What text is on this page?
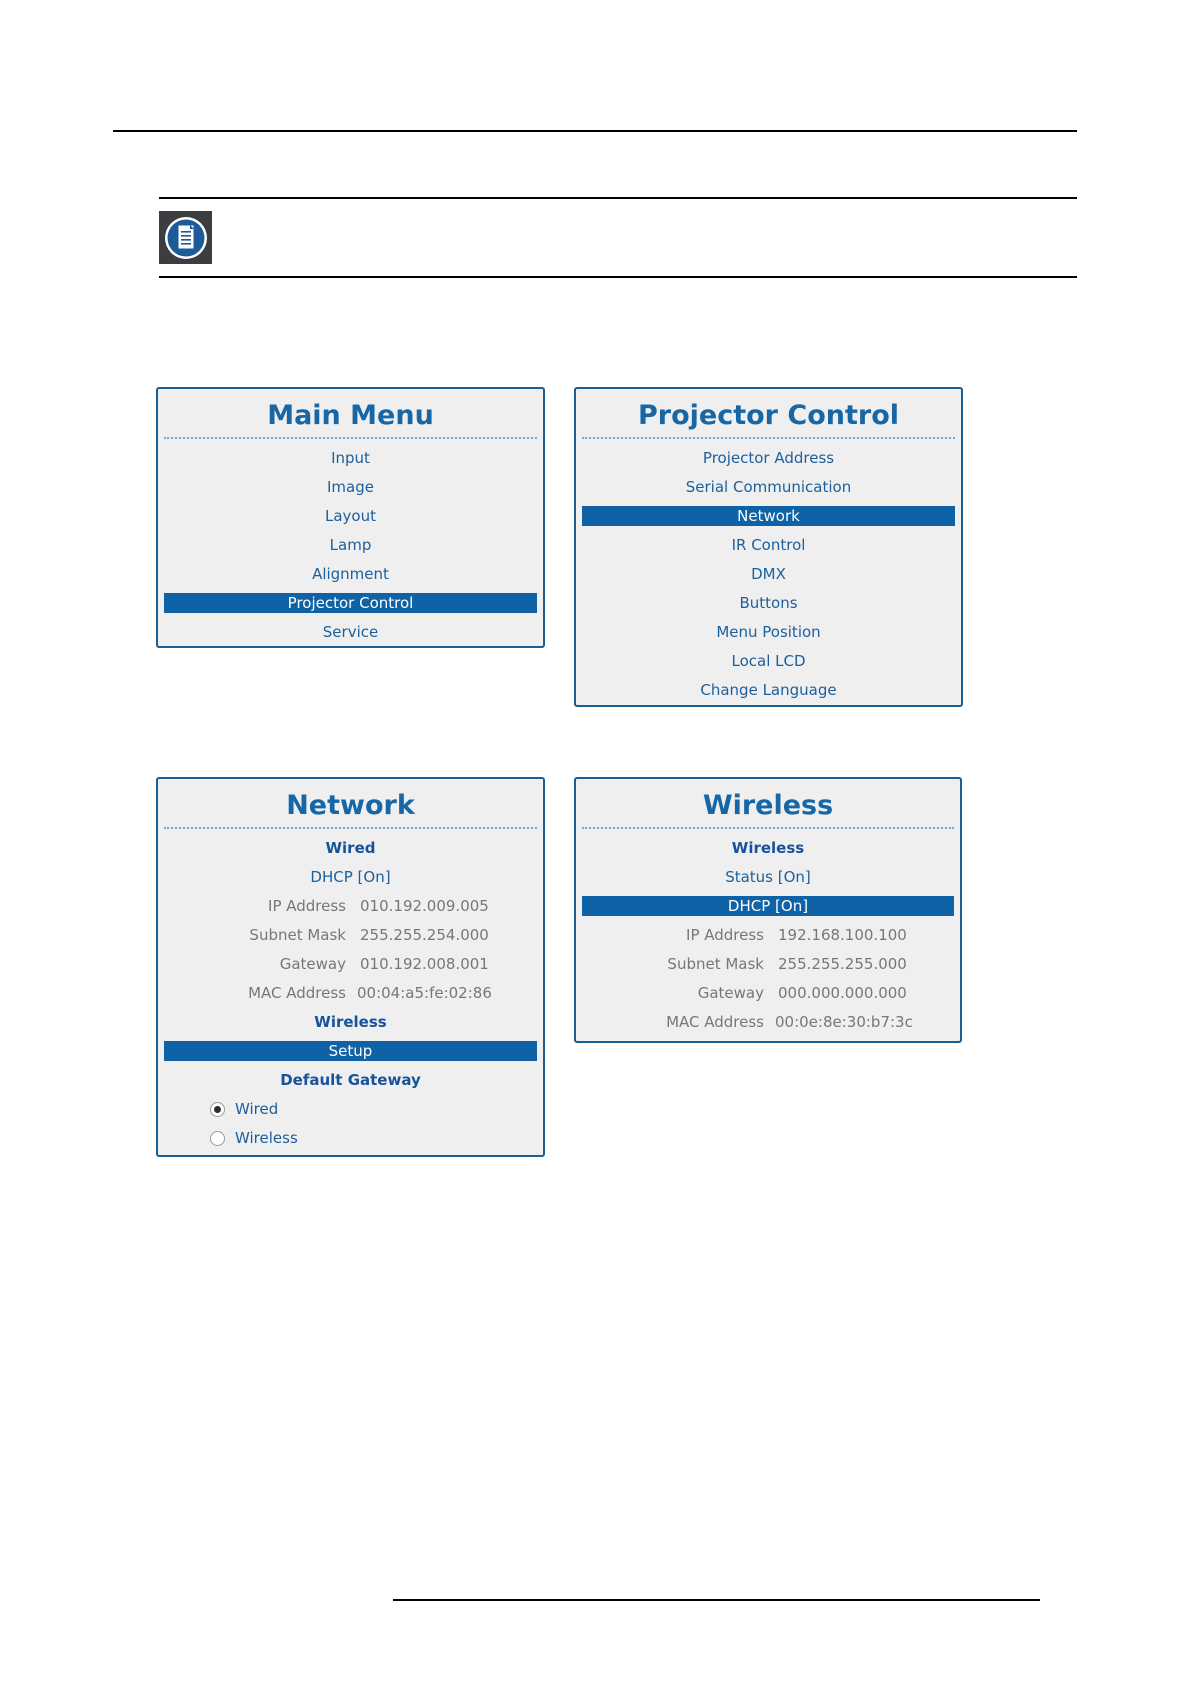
Main Menu
Input
Image
Layout
Lamp
Alignment
Projector Control
Service
Projector Control
Projector Address
Serial Communication
Network
IR Control
DMX
Buttons
Menu Position
Local LCD
Change Language
Network
Wired
DHCP [On]
IP Address 010.192.009.005
Subnet Mask 255.255.254.000
Gateway 010.192.008.001
MAC Address 00:04:a5:fe:02:86
Wireless
Setup
Default Gateway
Wired
Wireless
Wireless
Wireless
Status [On]
DHCP [On]
IP Address 192.168.100.100
Subnet Mask 255.255.255.000
Gateway 000.000.000.000
MAC Address 00:0e:8e:30:b7:3c
